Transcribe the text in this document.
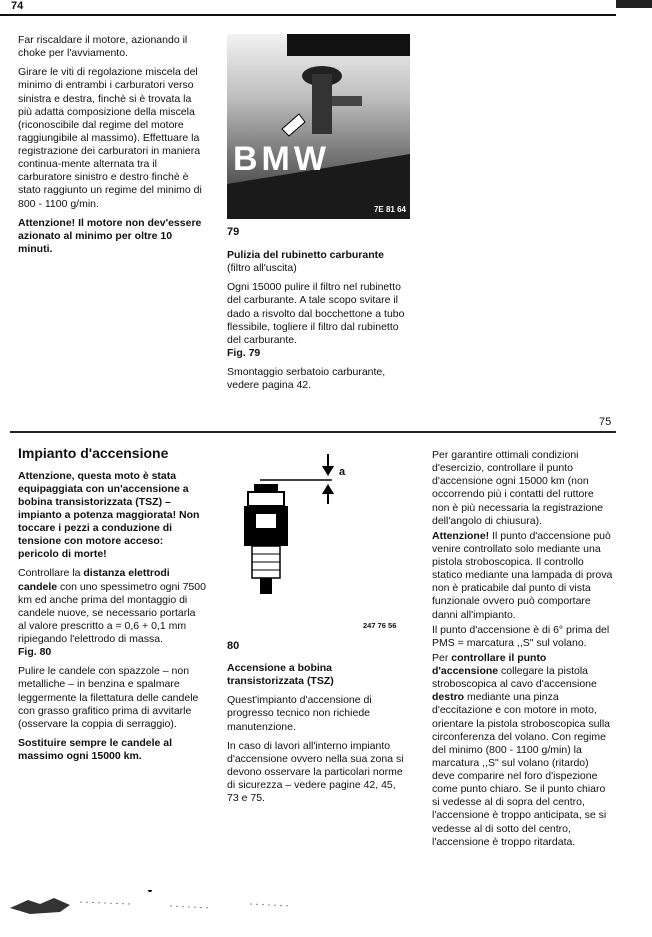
74

Far riscaldare il motore, azionando il choke per l'avviamento.

Girare le viti di regolazione miscela del minimo di entrambi i carburatori verso sinistra e destra, finchè si è trovata la più adatta composizione della miscela (riconoscibile dal regime del motore raggiungibile al massimo). Effettuare la registrazione dei carburatori in maniera continua-mente alternata tra il carburatore sinistro e destro finchè è stato raggiunto un regime del minimo di 800 - 1100 g/min.

Attenzione! Il motore non dev'essere azionato al minimo per oltre 10 minuti.

BMW
7E 81 64
79
Pulizia del rubinetto carburante

(filtro all'uscita)

Ogni 15000 pulire il filtro nel rubinetto del carburante. A tale scopo svitare il dado a risvolto dal bocchettone a tubo flessibile, togliere il filtro dal rubinetto del carburante.

Fig. 79

Smontaggio serbatoio carburante, vedere pagina 42.

75
Impianto d'accensione

Attenzione, questa moto è stata equipaggiata con un'accensione a bobina transistorizzata (TSZ) – impianto a potenza maggiorata! Non toccare i pezzi a conduzione di tensione con motore acceso: pericolo di morte!

Controllare la distanza elettrodi candele con uno spessimetro ogni 7500 km ed anche prima del montaggio di candele nuove, se necessario portarla al valore prescritto a = 0,6 + 0,1 mm ripiegando l'elettrodo di massa.

Fig. 80

Pulire le candele con spazzole – non metalliche – in benzina e spalmare leggermente la filettatura delle candele con grasso grafitico prima di avvitarle (osservare la coppia di serraggio).

Sostituire sempre le candele al massimo ogni 15000 km.

a
247 76 56
80

Accensione a bobina transistorizzata (TSZ)

Quest'impianto d'accensione di progresso tecnico non richiede manutenzione.

In caso di lavori all'interno impianto d'accensione ovvero nella sua zona si devono osservare la particolari norme di sicurezza – vedere pagine 42, 45, 73 e 75.

Per garantire ottimali condizioni d'esercizio, controllare il punto d'accensione ogni 15000 km (non occorrendo più i contatti del ruttore non è più necessaria la registrazione dell'angolo di chiusura).

Attenzione! Il punto d'accensione può venire controllato solo mediante una pistola stroboscopica. Il controllo statico mediante una lampada di prova non è praticabile dal punto di vista funzionale ovvero può comportare danni all'impianto.

Il punto d'accensione è di 6° prima del PMS = marcatura ,,S" sul volano.

Per controllare il punto d'accensione collegare la pistola stroboscopica al cavo d'accensione destro mediante una pinza d'eccitazione e con motore in moto, orientare la pistola stroboscopica sulla circonferenza del volano. Con regime del minimo (800 - 1100 g/min) la marcatura ,,S" sul volano (ritardo) deve comparire nel foro d'ispezione come punto chiaro. Se il punto chiaro si vedesse al di sopra del centro, l'accensione è troppo anticipata, se si vedesse al di sotto del centro, l'accensione è troppo ritardata.
